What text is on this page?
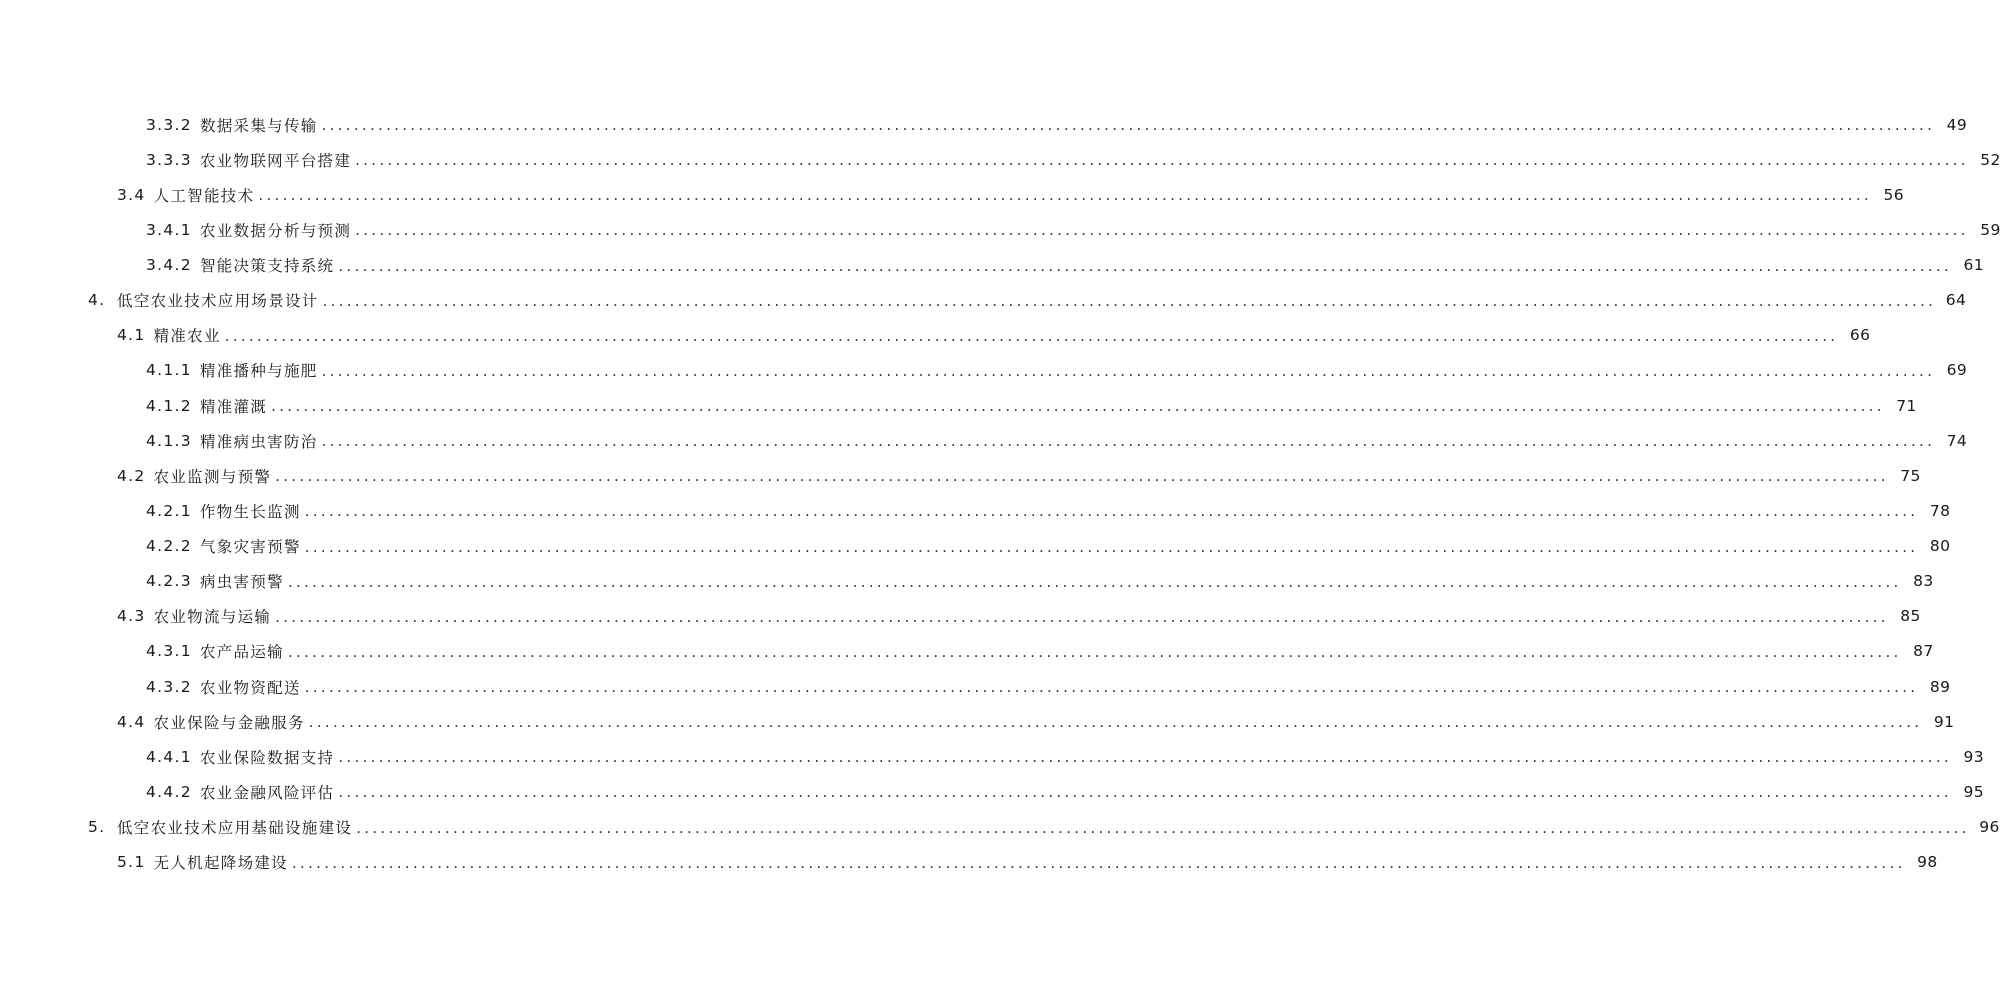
3.3.2 数据采集与传输 ........................................................................................................................................................................................................ 49
3.3.3 农业物联网平台搭建 ........................................................................................................................................................................................................ 52
3.4 人工智能技术 ........................................................................................................................................................................................................ 56
3.4.1 农业数据分析与预测 ........................................................................................................................................................................................................ 59
3.4.2 智能决策支持系统 ........................................................................................................................................................................................................ 61
4. 低空农业技术应用场景设计 ........................................................................................................................................................................................................ 64
4.1 精准农业 ........................................................................................................................................................................................................ 66
4.1.1 精准播种与施肥 ........................................................................................................................................................................................................ 69
4.1.2 精准灌溉 ........................................................................................................................................................................................................ 71
4.1.3 精准病虫害防治 ........................................................................................................................................................................................................ 74
4.2 农业监测与预警 ........................................................................................................................................................................................................ 75
4.2.1 作物生长监测 ........................................................................................................................................................................................................ 78
4.2.2 气象灾害预警 ........................................................................................................................................................................................................ 80
4.2.3 病虫害预警 ........................................................................................................................................................................................................ 83
4.3 农业物流与运输 ........................................................................................................................................................................................................ 85
4.3.1 农产品运输 ........................................................................................................................................................................................................ 87
4.3.2 农业物资配送 ........................................................................................................................................................................................................ 89
4.4 农业保险与金融服务 ........................................................................................................................................................................................................ 91
4.4.1 农业保险数据支持 ........................................................................................................................................................................................................ 93
4.4.2 农业金融风险评估 ........................................................................................................................................................................................................ 95
5. 低空农业技术应用基础设施建设 ........................................................................................................................................................................................................ 96
5.1 无人机起降场建设 ........................................................................................................................................................................................................ 98
